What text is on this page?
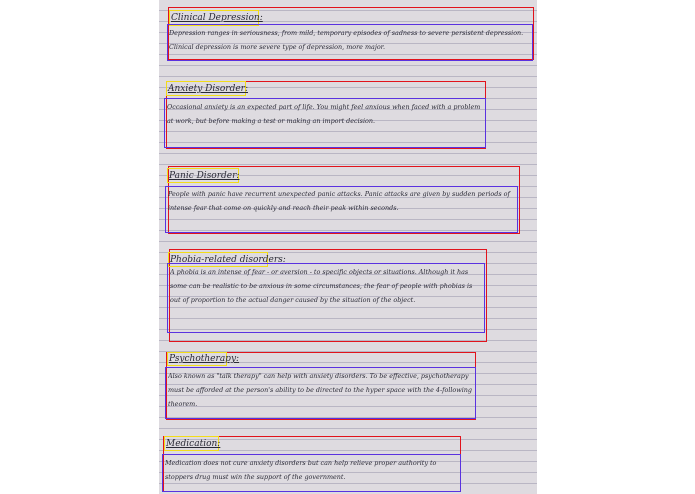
Clinical Depression:
Depression ranges in seriousness, from mild, temporary episodes of sadness to severe persistent depression. Clinical depression is more severe type of depression, more major.
Anxiety Disorder:
Occasional anxiety is an expected part of life. You might feel anxious when faced with a problem at work, but before making a test or making an import decision.
Panic Disorder:
People with panic have recurrent unexpected panic attacks. Panic attacks are given by sudden periods of intense fear that come on quickly and reach their peak within seconds.
Phobia-related disorders:
A phobia is an intense of fear - or aversion - to specific objects or situations. Although it has some can be realistic to be anxious in some circumstances, the fear of people with phobias is out of proportion to the actual danger caused by the situation of the object.
Psychotherapy:
Also known as "talk therapy" can help with anxiety disorders. To be effective, psychotherapy must be afforded at the person's ability to be directed to the hyper space with the 4-following theorem.
Medication:
Medication does not cure anxiety disorders but can help relieve proper authority to stoppers drug must win the support of the government.
